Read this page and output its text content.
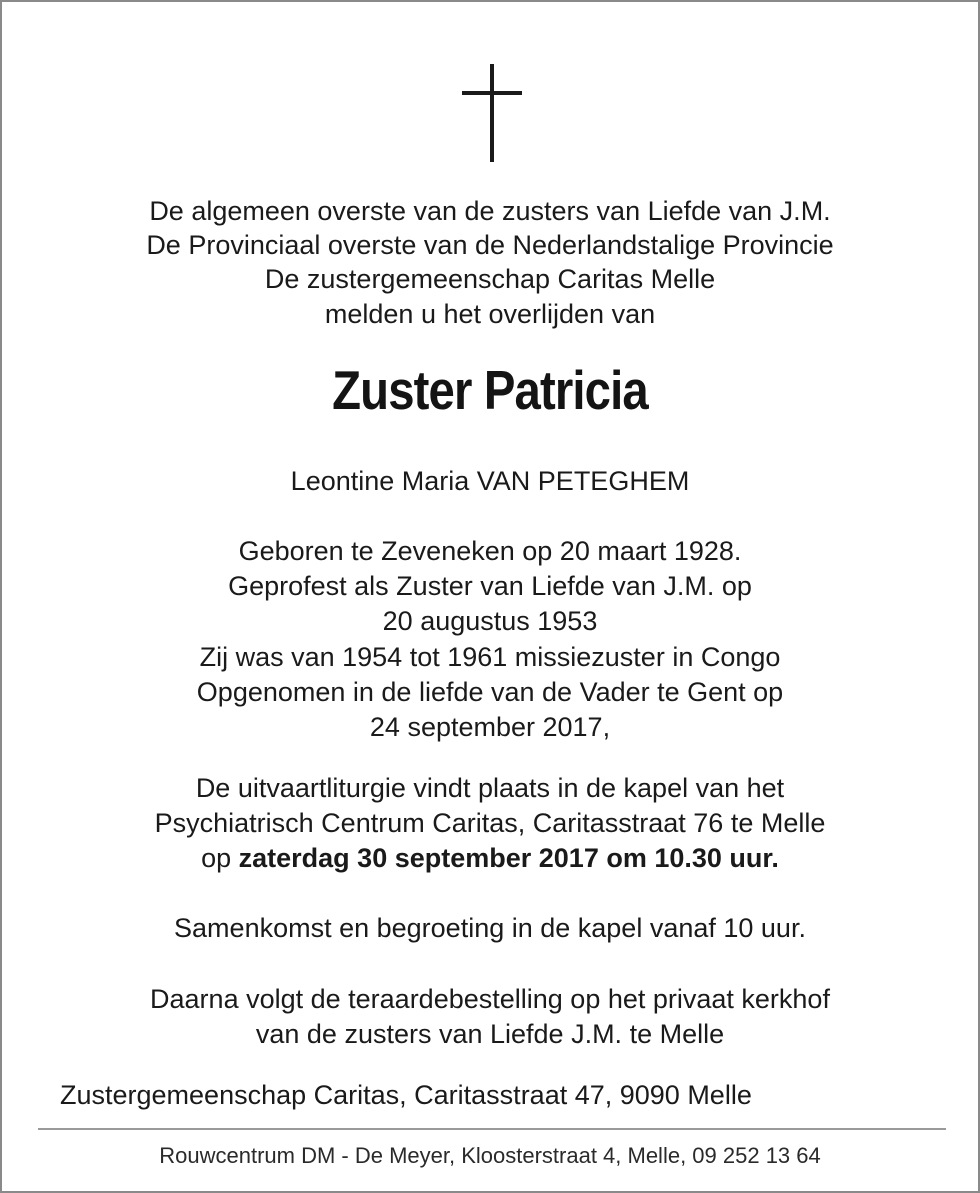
De algemeen overste van de zusters van Liefde van J.M.
De Provinciaal overste van de Nederlandstalige Provincie
De zustergemeenschap Caritas Melle
melden u het overlijden van
Zuster Patricia
Leontine Maria VAN PETEGHEM
Geboren te Zeveneken op 20 maart 1928.
Geprofest als Zuster van Liefde van J.M. op
20 augustus 1953
Zij was van 1954 tot 1961 missiezuster in Congo
Opgenomen in de liefde van de Vader te Gent op
24 september 2017,
De uitvaartliturgie vindt plaats in de kapel van het
Psychiatrisch Centrum Caritas, Caritasstraat 76 te Melle
op zaterdag 30 september 2017 om 10.30 uur.
Samenkomst en begroeting in de kapel vanaf 10 uur.
Daarna volgt de teraardebestelling op het privaat kerkhof
van de zusters van Liefde J.M. te Melle
Zustergemeenschap Caritas, Caritasstraat 47, 9090 Melle
Rouwcentrum DM - De Meyer, Kloosterstraat 4, Melle, 09 252 13 64
